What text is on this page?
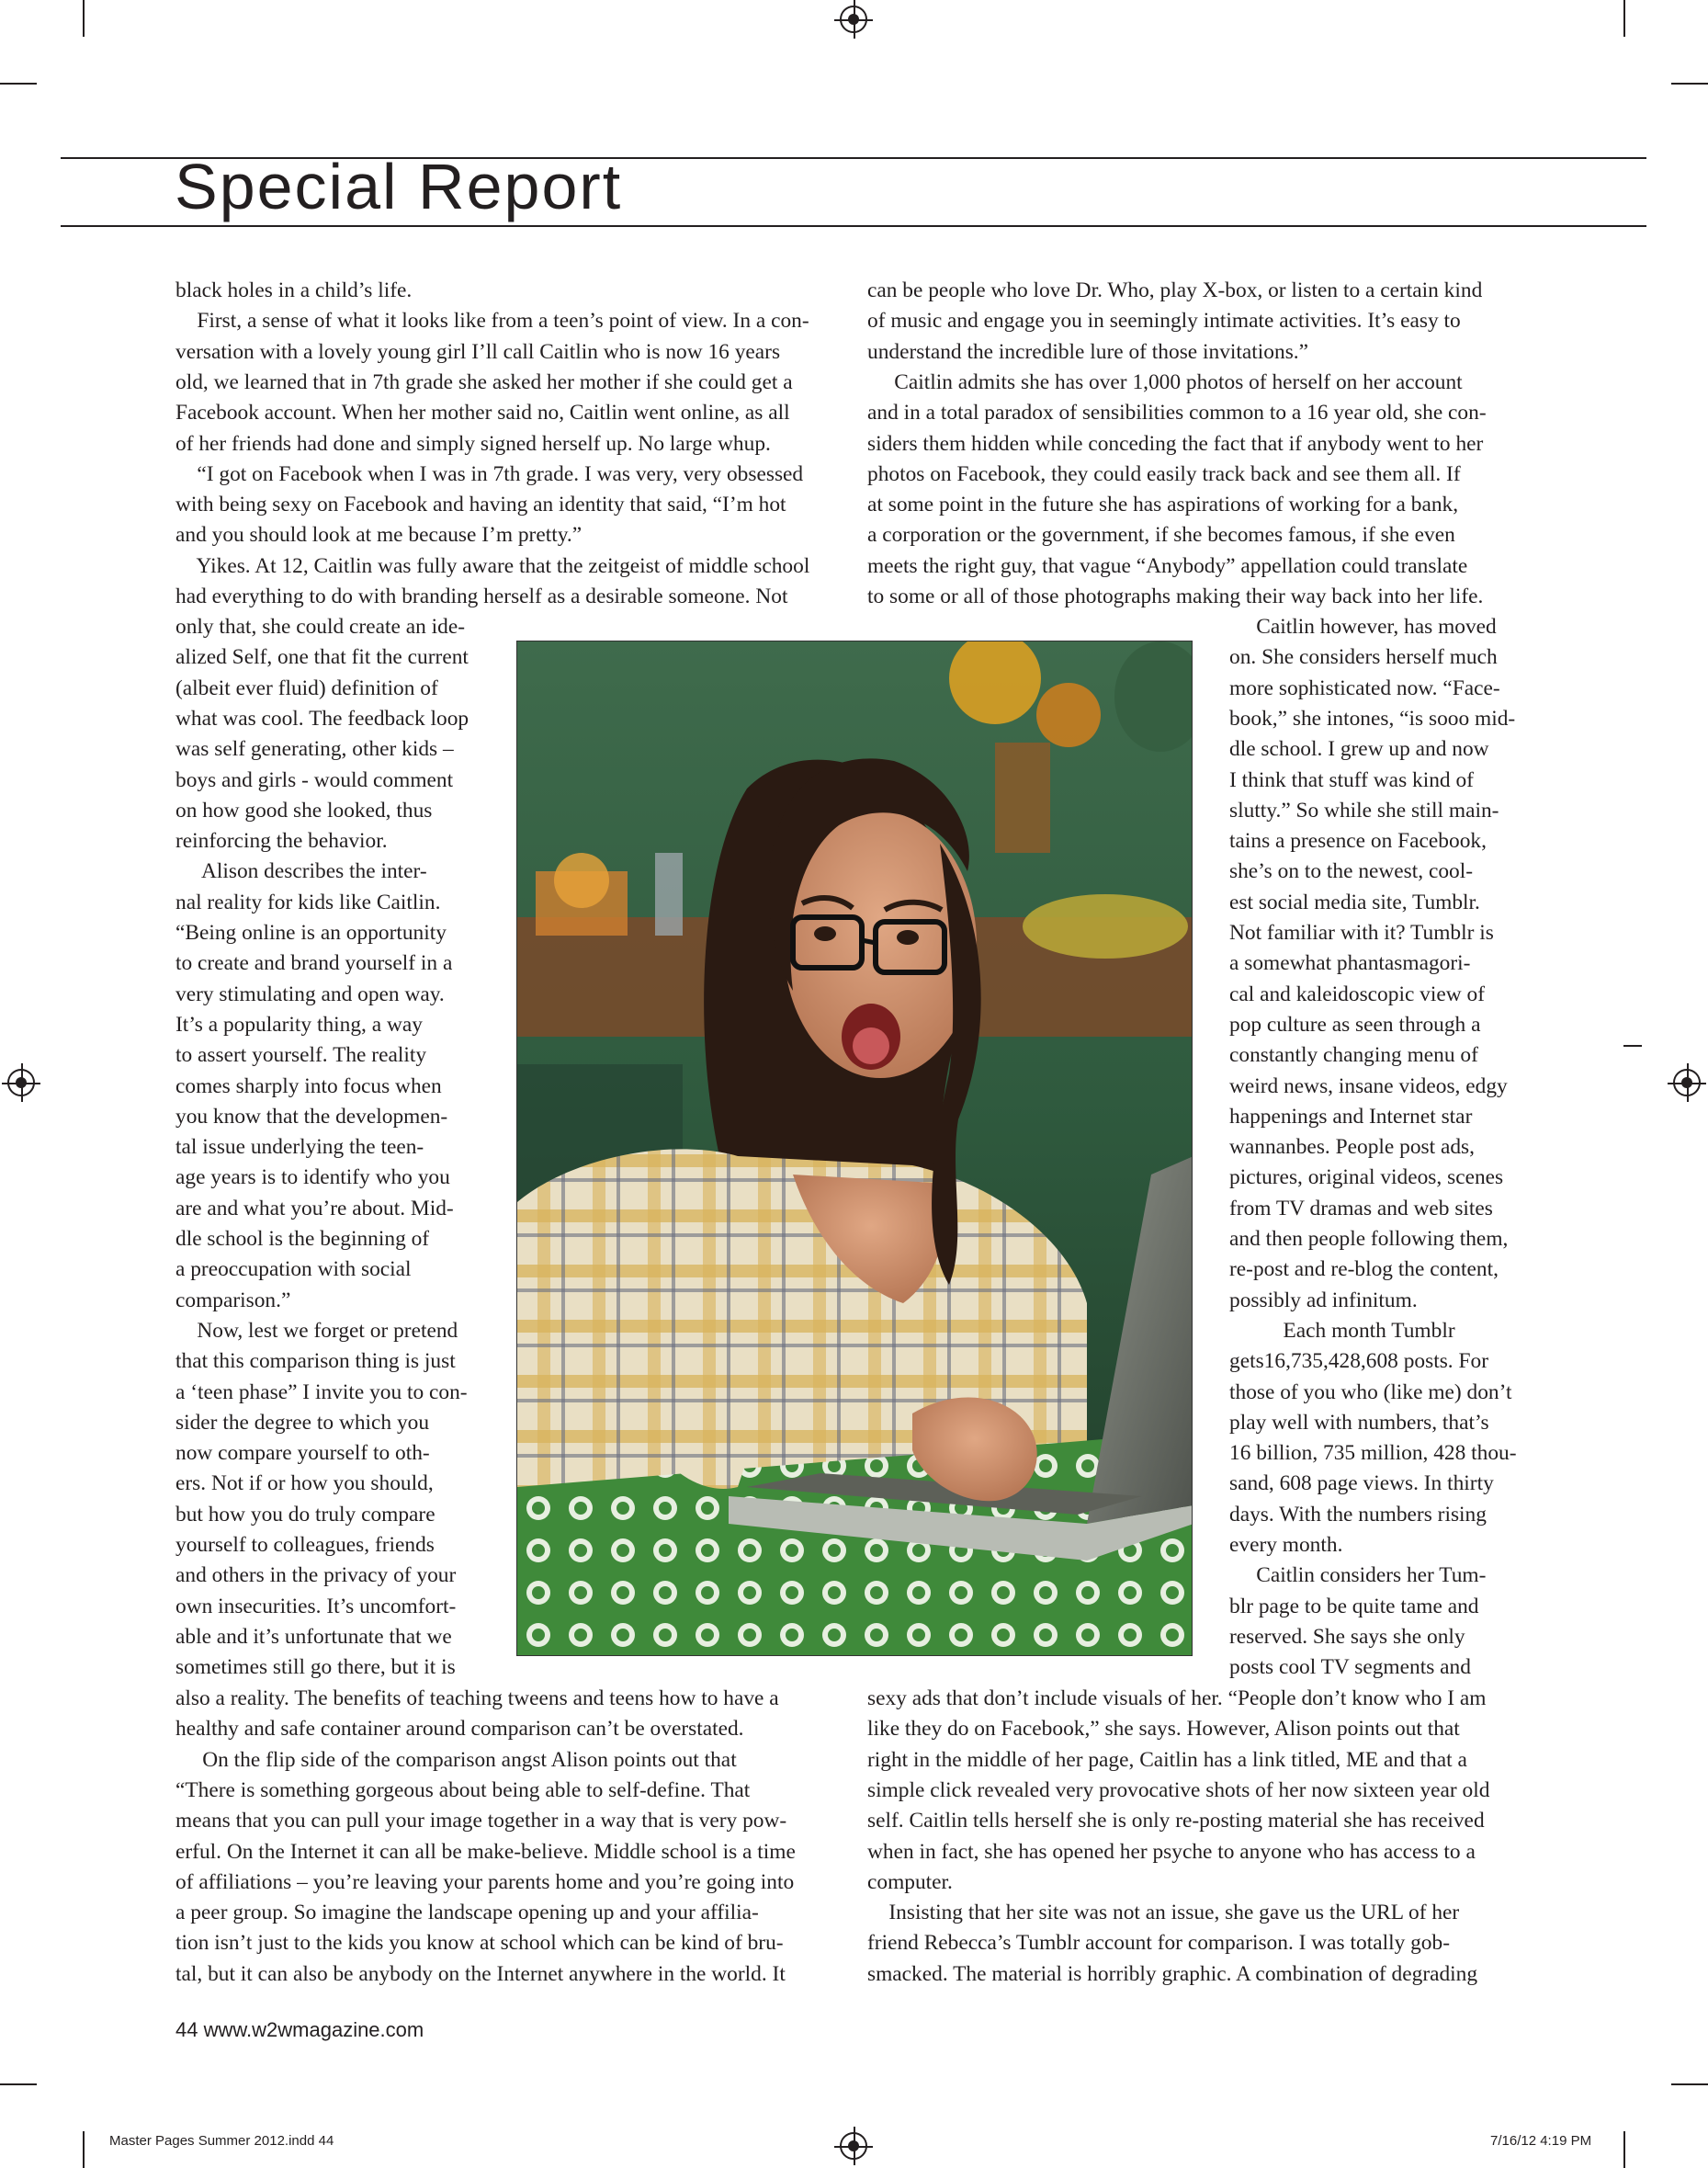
Special Report
black holes in a child’s life.
First, a sense of what it looks like from a teen’s point of view. In a con-
versation with a lovely young girl I’ll call Caitlin who is now 16 years
old, we learned that in 7th grade she asked her mother if she could get a
Facebook account. When her mother said no, Caitlin went online, as all
of her friends had done and simply signed herself up. No large whup.
“I got on Facebook when I was in 7th grade. I was very, very obsessed
with being sexy on Facebook and having an identity that said, “I’m hot
and you should look at me because I’m pretty.”
Yikes. At 12, Caitlin was fully aware that the zeitgeist of middle school
had everything to do with branding herself as a desirable someone. Not
only that, she could create an ide-
alized Self, one that fit the current
(albeit ever fluid) definition of
what was cool. The feedback loop
was self generating, other kids –
boys and girls - would comment
on how good she looked, thus
reinforcing the behavior.
Alison describes the inter-
nal reality for kids like Caitlin.
“Being online is an opportunity
to create and brand yourself in a
very stimulating and open way.
It’s a popularity thing, a way
to assert yourself. The reality
comes sharply into focus when
you know that the developmen-
tal issue underlying the teen-
age years is to identify who you
are and what you’re about. Mid-
dle school is the beginning of
a preoccupation with social
comparison.”
Now, lest we forget or pretend
that this comparison thing is just
a ‘teen phase” I invite you to con-
sider the degree to which you
now compare yourself to oth-
ers. Not if or how you should,
but how you do truly compare
yourself to colleagues, friends
and others in the privacy of your
own insecurities. It’s uncomfort-
able and it’s unfortunate that we
sometimes still go there, but it is
also a reality. The benefits of teaching tweens and teens how to have a
healthy and safe container around comparison can’t be overstated.
On the flip side of the comparison angst Alison points out that
“There is something gorgeous about being able to self-define. That
means that you can pull your image together in a way that is very pow-
erful. On the Internet it can all be make-believe. Middle school is a time
of affiliations – you’re leaving your parents home and you’re going into
a peer group. So imagine the landscape opening up and your affilia-
tion isn’t just to the kids you know at school which can be kind of bru-
tal, but it can also be anybody on the Internet anywhere in the world. It
can be people who love Dr. Who, play X-box, or listen to a certain kind
of music and engage you in seemingly intimate activities. It’s easy to
understand the incredible lure of those invitations.”
Caitlin admits she has over 1,000 photos of herself on her account
and in a total paradox of sensibilities common to a 16 year old, she con-
siders them hidden while conceding the fact that if anybody went to her
photos on Facebook, they could easily track back and see them all. If
at some point in the future she has aspirations of working for a bank,
a corporation or the government, if she becomes famous, if she even
meets the right guy, that vague “Anybody” appellation could translate
to some or all of those photographs making their way back into her life.
Caitlin however, has moved
on. She considers herself much
more sophisticated now. “Face-
book,” she intones, “is sooo mid-
dle school. I grew up and now
I think that stuff was kind of
slutty.” So while she still main-
tains a presence on Facebook,
she’s on to the newest, cool-
est social media site, Tumblr.
Not familiar with it? Tumblr is
a somewhat phantasmagori-
cal and kaleidoscopic view of
pop culture as seen through a
constantly changing menu of
weird news, insane videos, edgy
happenings and Internet star
wannanbes. People post ads,
pictures, original videos, scenes
from TV dramas and web sites
and then people following them,
re-post and re-blog the content,
possibly ad infinitum.
Each month Tumblr
gets16,735,428,608 posts. For
those of you who (like me) don’t
play well with numbers, that’s
16 billion, 735 million, 428 thou-
sand, 608 page views. In thirty
days. With the numbers rising
every month.
Caitlin considers her Tum-
blr page to be quite tame and
reserved. She says she only
posts cool TV segments and
sexy ads that don’t include visuals of her. “People don’t know who I am
like they do on Facebook,” she says. However, Alison points out that
right in the middle of her page, Caitlin has a link titled, ME and that a
simple click revealed very provocative shots of her now sixteen year old
self. Caitlin tells herself she is only re-posting material she has received
when in fact, she has opened her psyche to anyone who has access to a
computer.
Insisting that her site was not an issue, she gave us the URL of her
friend Rebecca’s Tumblr account for comparison. I was totally gob-
smacked. The material is horribly graphic. A combination of degrading
44 www.w2wmagazine.com
Master Pages Summer 2012.indd 44	7/16/12 4:19 PM
